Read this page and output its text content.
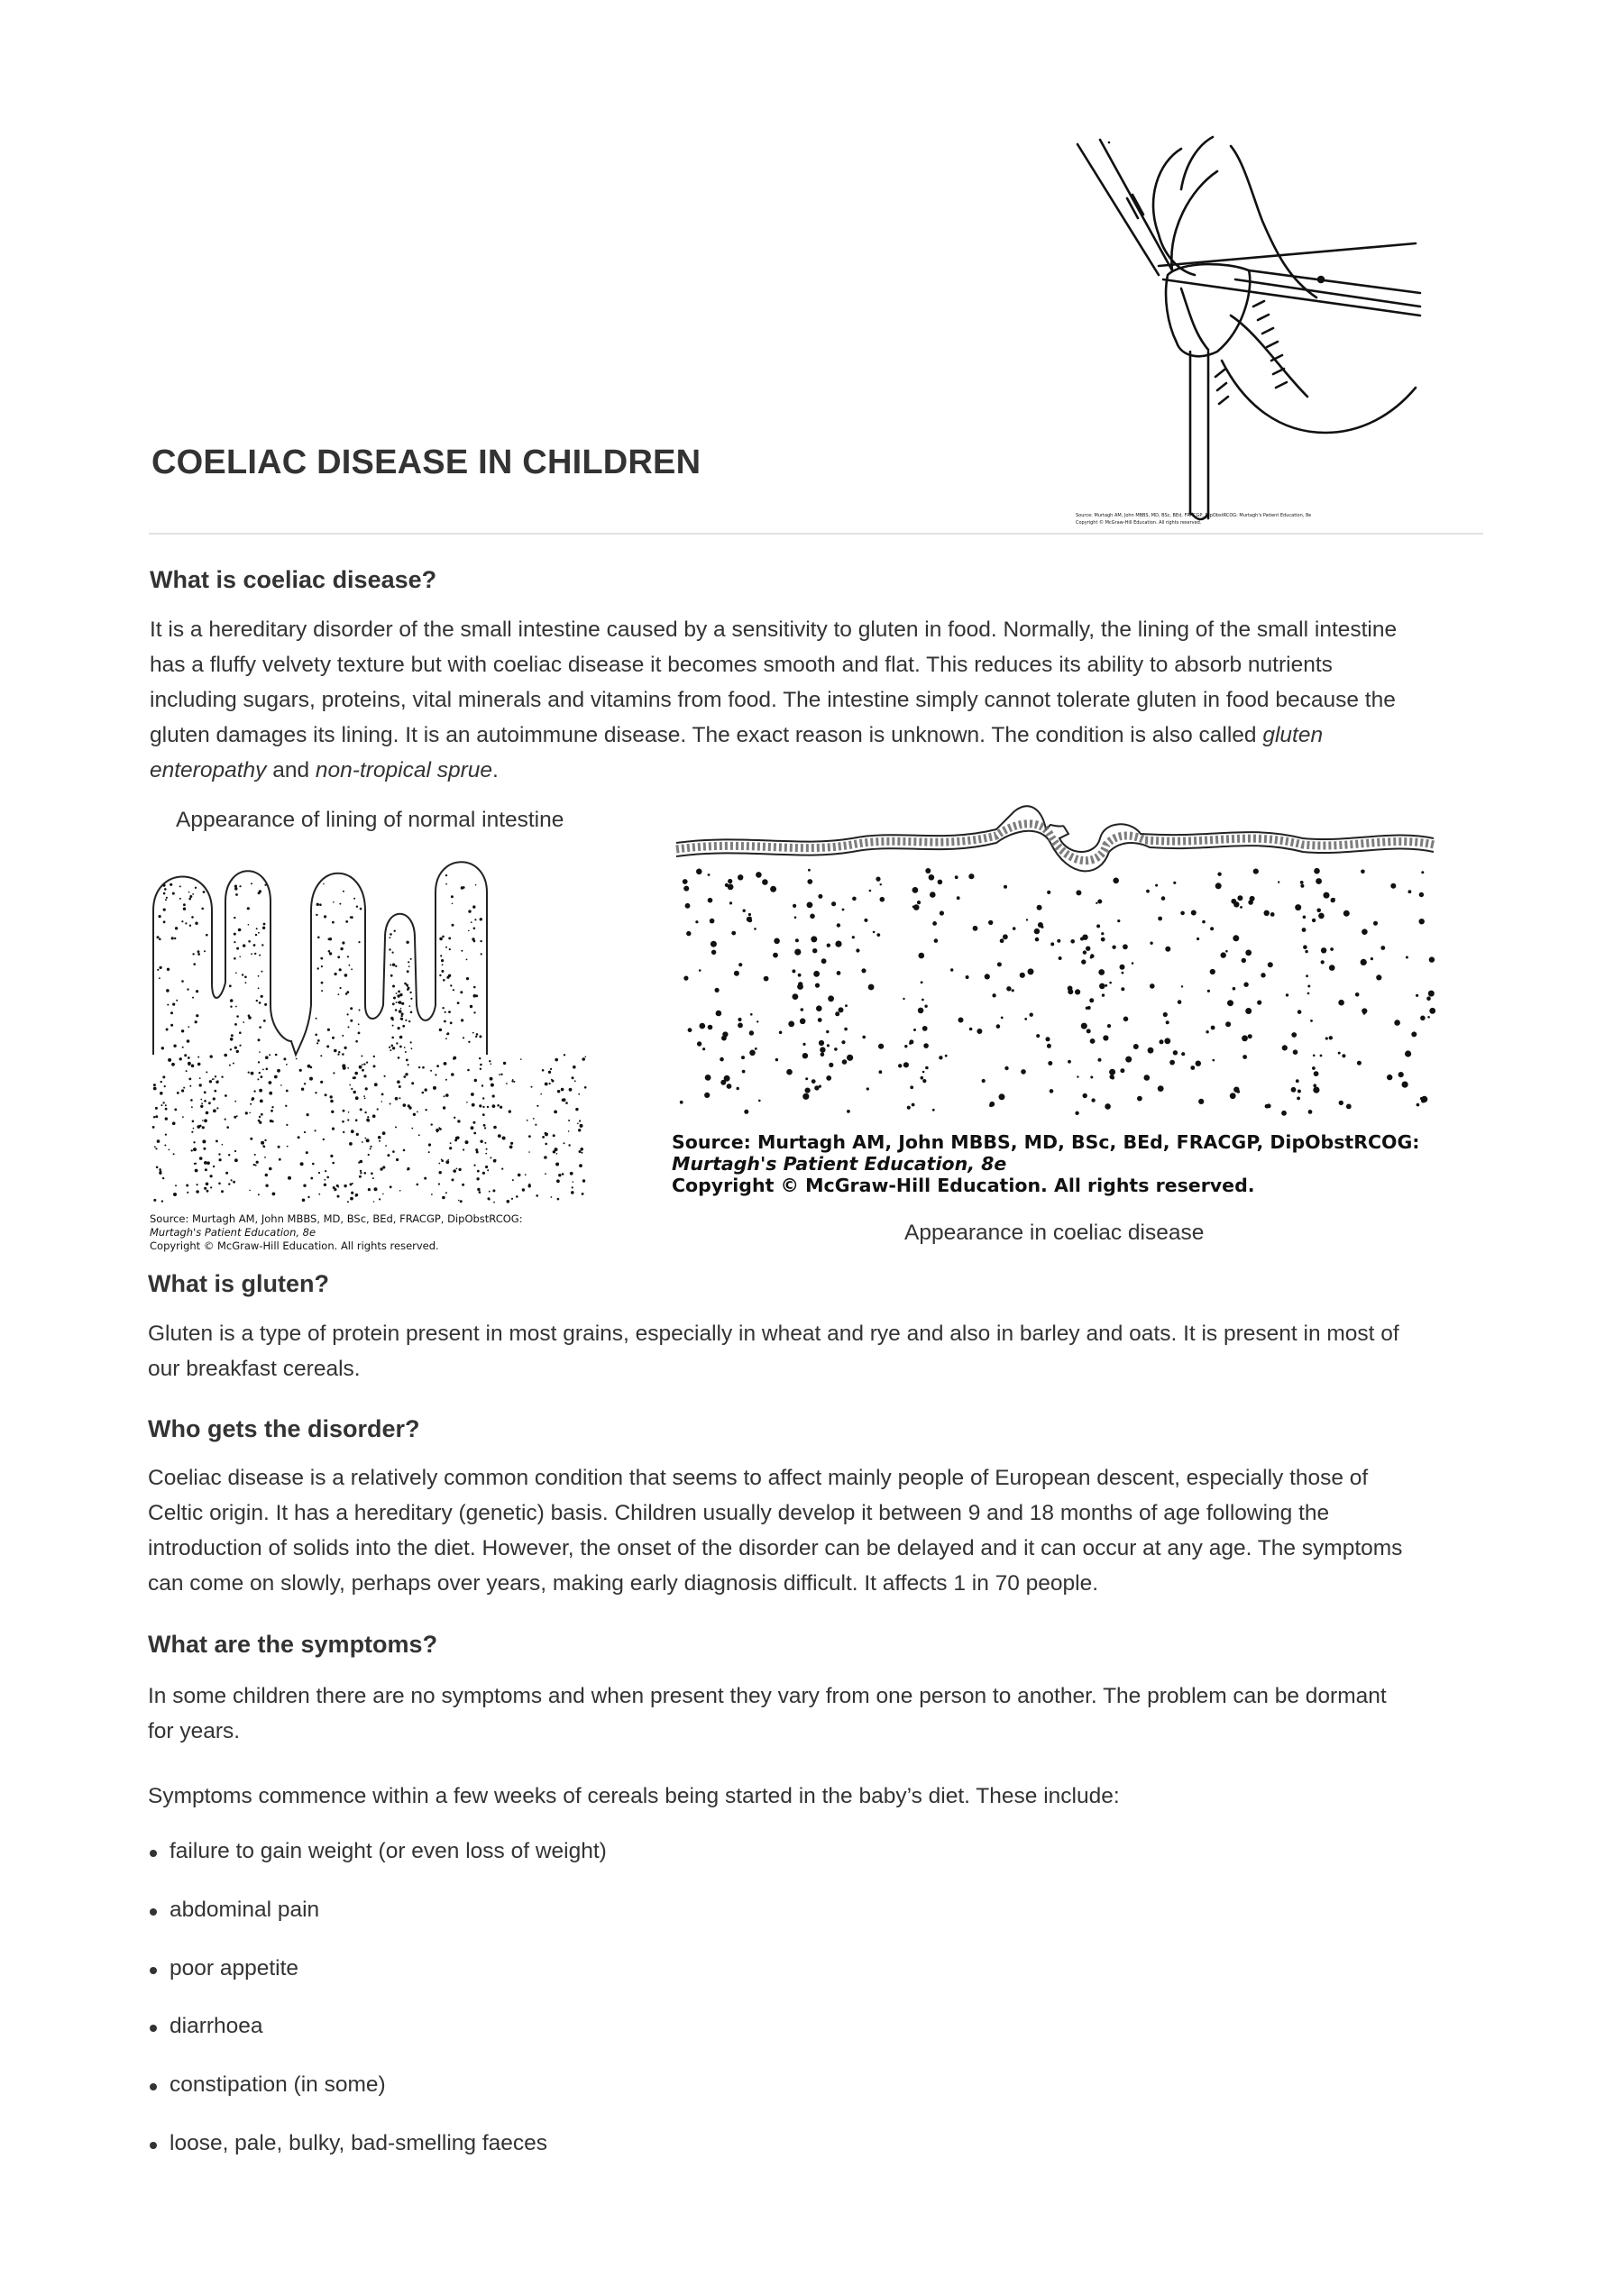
Source: Murtagh AM, John MBBS, MD, BSc, BEd, FRACGP, DipObstRCOG: Murtagh's Patient Education, 8e
Copyright © McGraw-Hill Education. All rights reserved.
COELIAC DISEASE IN CHILDREN
What is coeliac disease?
It is a hereditary disorder of the small intestine caused by a sensitivity to gluten in food. Normally, the lining of the small intestine
has a fluffy velvety texture but with coeliac disease it becomes smooth and flat. This reduces its ability to absorb nutrients
including sugars, proteins, vital minerals and vitamins from food. The intestine simply cannot tolerate gluten in food because the
gluten damages its lining. It is an autoimmune disease. The exact reason is unknown. The condition is also called gluten
enteropathy and non-tropical sprue.
Appearance of lining of normal intestine
Source: Murtagh AM, John MBBS, MD, BSc, BEd, FRACGP, DipObstRCOG:
Murtagh's Patient Education, 8e
Copyright © McGraw-Hill Education. All rights reserved.
Source: Murtagh AM, John MBBS, MD, BSc, BEd, FRACGP, DipObstRCOG:
Murtagh's Patient Education, 8e
Copyright © McGraw-Hill Education. All rights reserved.
Appearance in coeliac disease
What is gluten?
Gluten is a type of protein present in most grains, especially in wheat and rye and also in barley and oats. It is present in most of
our breakfast cereals.
Who gets the disorder?
Coeliac disease is a relatively common condition that seems to affect mainly people of European descent, especially those of
Celtic origin. It has a hereditary (genetic) basis. Children usually develop it between 9 and 18 months of age following the
introduction of solids into the diet. However, the onset of the disorder can be delayed and it can occur at any age. The symptoms
can come on slowly, perhaps over years, making early diagnosis difficult. It affects 1 in 70 people.
What are the symptoms?
In some children there are no symptoms and when present they vary from one person to another. The problem can be dormant
for years.
Symptoms commence within a few weeks of cereals being started in the baby’s diet. These include:
failure to gain weight (or even loss of weight)
abdominal pain
poor appetite
diarrhoea
constipation (in some)
loose, pale, bulky, bad-smelling faeces
